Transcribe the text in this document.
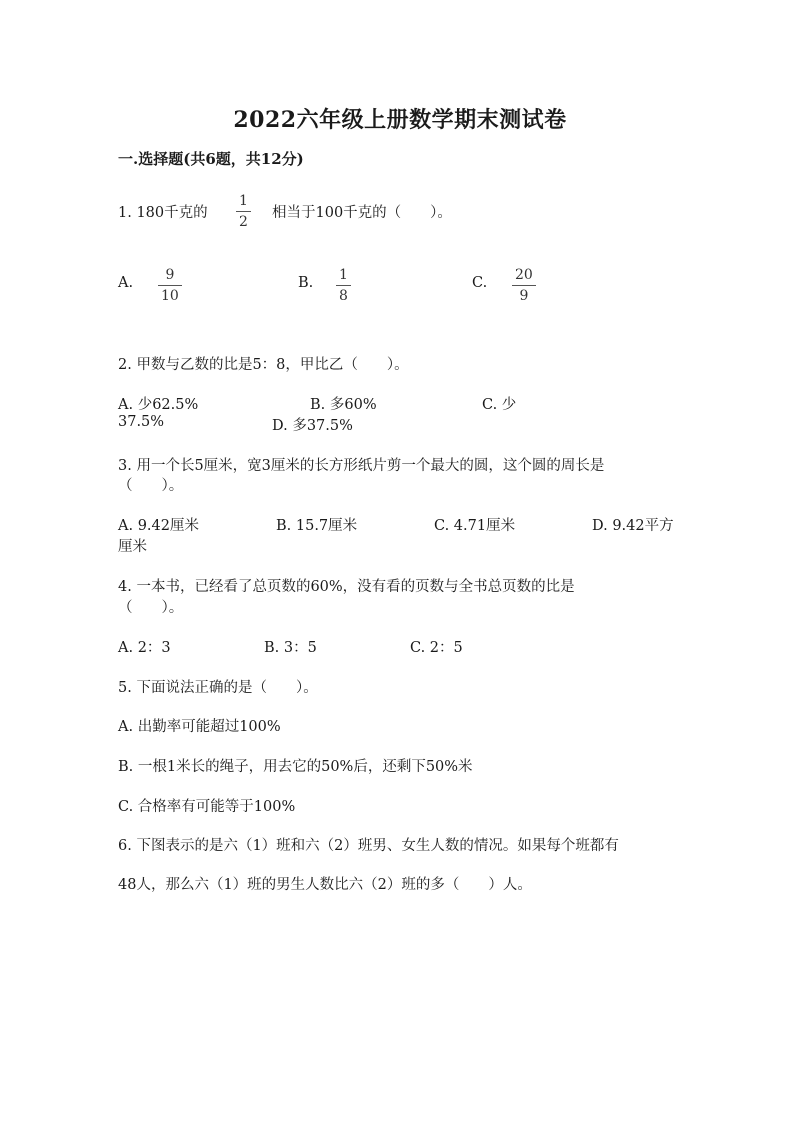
2022六年级上册数学期末测试卷
一.选择题(共6题，共12分)
1. 180千克的
1
2
相当于100千克的（　　）。
A. 9
10
B. 1
8
C. 20
9
2. 甲数与乙数的比是5：8，甲比乙（　　）。
A. 少62.5%	B. 多60%	C. 少
37.5%	D. 多37.5%
3. 用一个长5厘米，宽3厘米的长方形纸片剪一个最大的圆，这个圆的周长是
（　　）。
A. 9.42厘米	B. 15.7厘米	C. 4.71厘米	D. 9.42平方
厘米
4. 一本书，已经看了总页数的60%，没有看的页数与全书总页数的比是
（　　）。
A. 2：3	B. 3：5	C. 2：5
5. 下面说法正确的是（　　）。
A. 出勤率可能超过100%
B. 一根1米长的绳子，用去它的50%后，还剩下50%米
C. 合格率有可能等于100%
6. 下图表示的是六（1）班和六（2）班男、女生人数的情况。如果每个班都有
48人，那么六（1）班的男生人数比六（2）班的多（　　）人。
